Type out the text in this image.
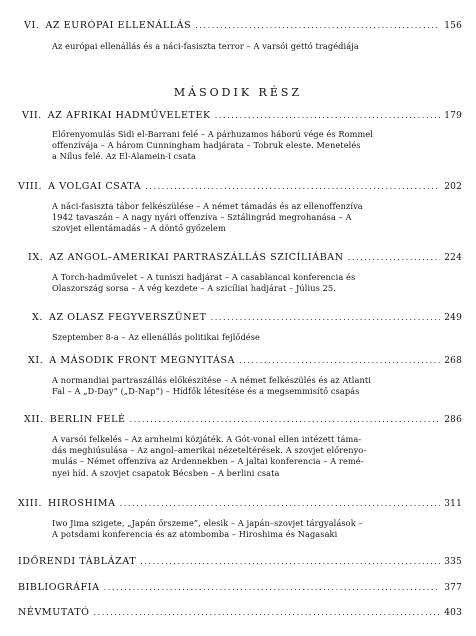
VI. AZ EURÓPAI ELLENÁLLÁS .....	156

Az európai ellenállás és a náci-fasiszta terror – A varsói gettó tragédiája

MÁSODIK RÉSZ
VII. AZ AFRIKAI HADMŰVELETEK .....	179

Előrenyomulás Sidi el-Barrani felé – A párhuzamos háború vége és Rommel
offenzívája – A három Cunningham hadjárata – Tobruk eleste. Menetelés
a Nílus felé. Az El-Alamein-i csata

VIII. A VOLGAI CSATA .....	202

A náci-fasiszta tábor felkészülése – A német támadás és az ellenoffenzíva
1942 tavaszán – A nagy nyári offenzíva – Sztálingrád megrohanása – A
szovjet ellentámadás – A döntő győzelem

IX. AZ ANGOL–AMERIKAI PARTRASZÁLLÁS SZICÍLIÁBAN .....	224

A Torch-hadművelet – A tuniszi hadjárat – A casablancai konferencia és
Olaszország sorsa – A vég kezdete – A szicíliai hadjárat – Július 25.

X. AZ OLASZ FEGYVERSZÜNET .....	249

Szeptember 8-a – Az ellenállás politikai fejlődése

XI. A MÁSODIK FRONT MEGNYITÁSA .....	268

A normandiai partraszállás előkészítése – A német felkészülés és az Atlanti
Fal – A „D-Day” („D-Nap”) – Hídfők létesítése és a megsemmisítő csapás

XII. BERLIN FELÉ .....	286

A varsói felkelés – Az arnheimi közjáték. A Gót-vonal ellen intézett táma-
dás meghiúsulása – Az angol–amerikai nézeteltérések. A szovjet előrenyo-
mulás – Német offenzíva az Ardennekben – A jaltai konferencia – A remé-
nyei híd. A szovjet csapatok Bécsben – A berlini csata

XIII. HIROSHIMA .....	311

Iwo Jima szigete, „Japán őrszeme”, elesik – A japán–szovjet tárgyalások –
A potsdami konferencia és az atombomba – Hiroshima és Nagasaki

IDŐRENDI TÁBLÁZAT .....	335
BIBLIOGRÁFIA .....	377
NÉVMUTATÓ .....	403
